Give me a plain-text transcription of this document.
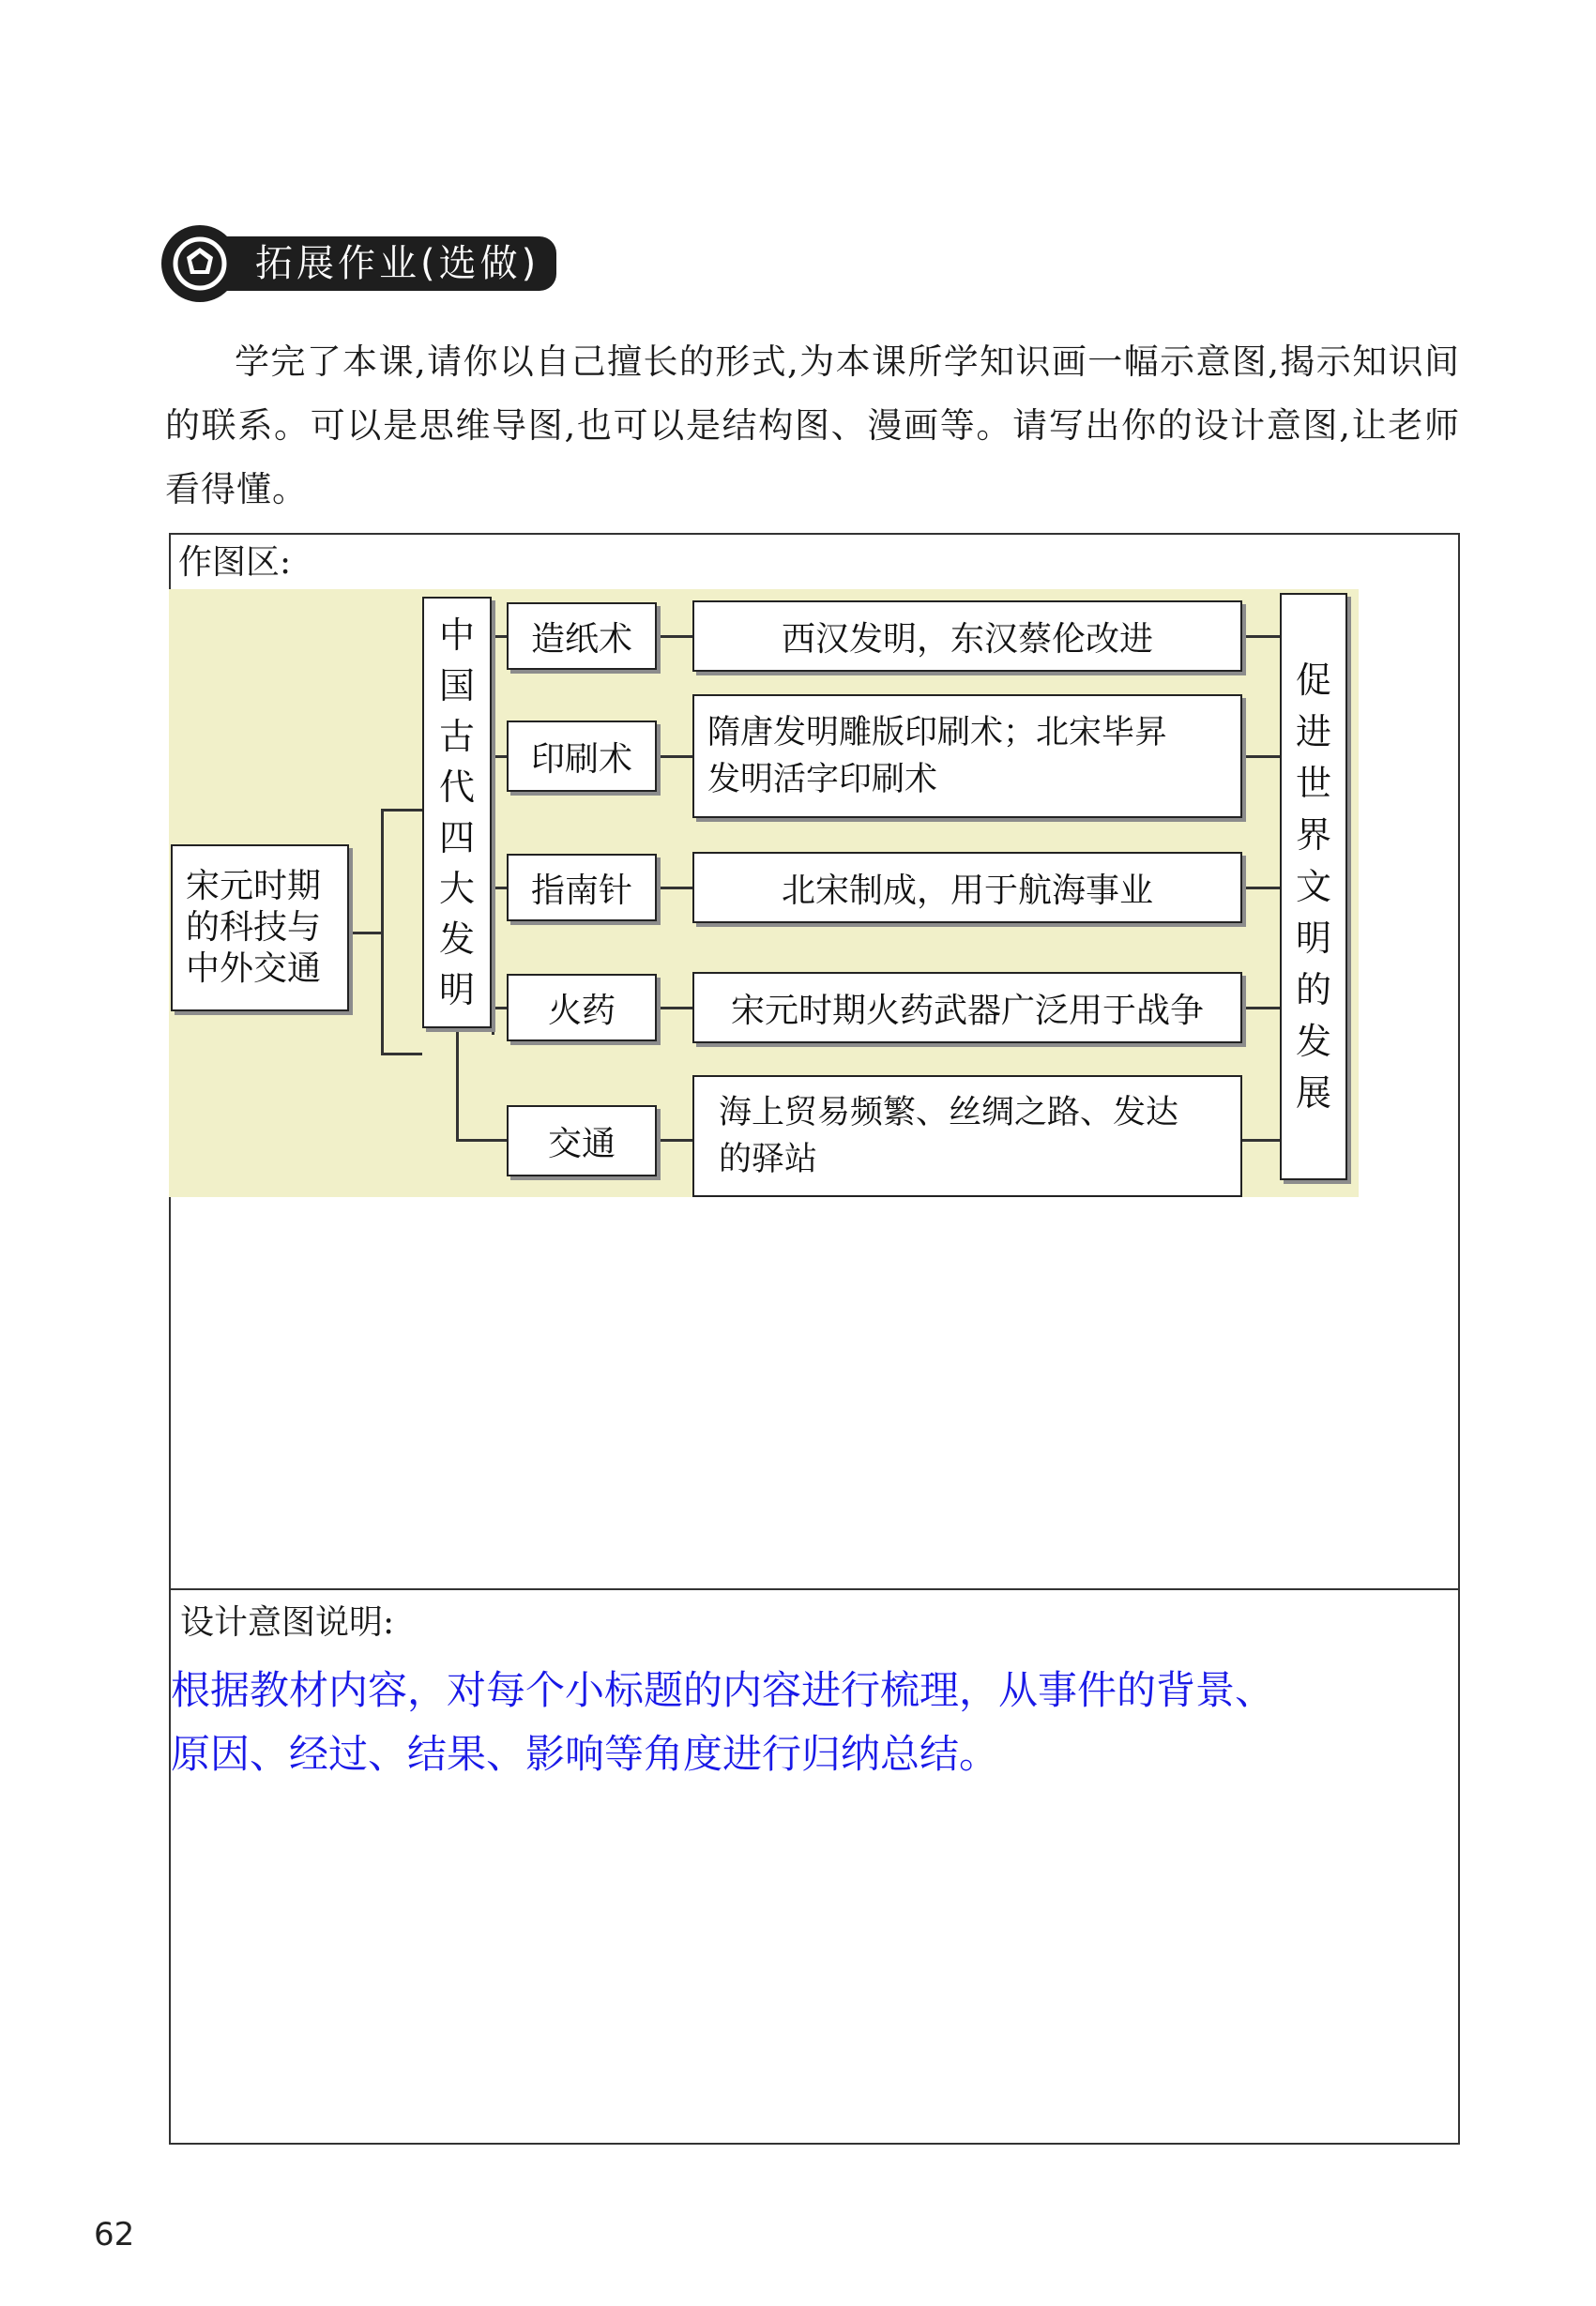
拓展作业(选做)

学完了本课,请你以自己擅长的形式,为本课所学知识画一幅示意图,揭示知识间的联系。可以是思维导图,也可以是结构图、漫画等。请写出你的设计意图,让老师看得懂。

作图区:
宋元时期
的科技与
中外交通
中
国
古
代
四
大
发
明
造纸术
印刷术
指南针
火药
交通
西汉发明，东汉蔡伦改进
隋唐发明雕版印刷术；北宋毕昇
发明活字印刷术
北宋制成，用于航海事业
宋元时期火药武器广泛用于战争
海上贸易频繁、丝绸之路、发达
的驿站
促
进
世
界
文
明
的
发
展
设计意图说明:
根据教材内容，对每个小标题的内容进行梳理，从事件的背景、
原因、经过、结果、影响等角度进行归纳总结。
62
